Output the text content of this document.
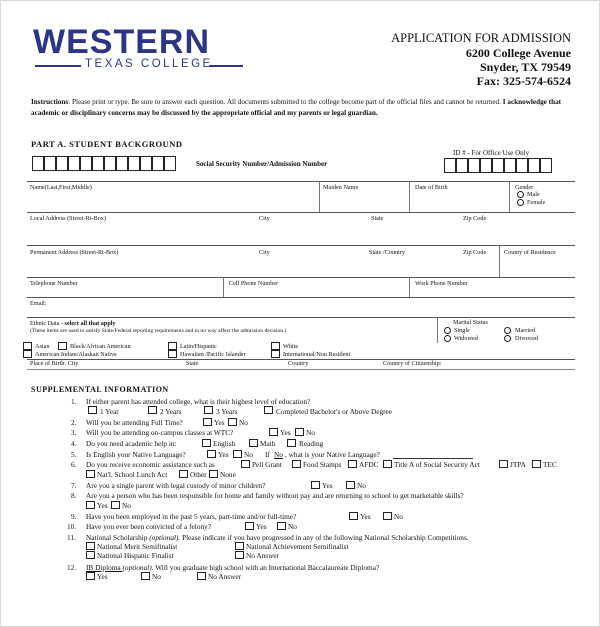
WESTERN
TEXAS COLLEGE
APPLICATION FOR ADMISSION
6200 College Avenue
Snyder, TX 79549
Fax: 325-574-6524
Instructions: Please print or type. Be sure to answer each question. All documents submitted to the college become part of the official files and cannot be returned. I acknowledge that academic or disciplinary concerns may be discussed by the appropriate official and my parents or legal guardian.
PART A. STUDENT BACKGROUND
Social Security Number/Admission Number
ID # - For Office Use Only
Name(Last,First,Middle)	Maiden Name	Date of Birth	Gender
Male
Female
Local Address (Street-Rt-Box)	City	State	Zip Code
Permanent Address (Street-Rt-Box)	City	State /Country	Zip Code	County of Residence
Telephone Number	Cell Phone Number	Work Phone Number
Email:
Ethnic Data - select all that apply
(These items are used to satisfy State/Federal reporting requirements and in no way affect the admission decision.)
Asian	Black/African American	Latin/Hispanic	White
American Indian/Alaskan Native	Hawaiian /Pacific Islander	International/Non Resident
Marital Status
Single
Widowed
Married
Divorced
Place of Birth: City	State	Country	Country of Citizenship:
SUPPLEMENTAL INFORMATION
1. If either parent has attended college, what is their highest level of education?
1 Year	2 Years	3 Years	Completed Bachelor's or Above Degree
2. Will you be attending Full Time?	Yes No
3. Will you be attending on-campus classes at WTC?	Yes No
4. Do you need academic help in:	English	Math	Reading
5. Is English your Native Language?	Yes No If No , what is your Native Language?
6. Do you receive economic assistance such as	Pell Grant	Food Stamps AFDC Title A of Social Security Act	JTPA TEC
Nat'l. School Lunch Act	Other None
7. Are you a single parent with legal custody of minor children?	Yes	No
8. Are you a person who has been responsible for home and family without pay and are returning to school to get marketable skills?
Yes No
9. Have you been employed in the past 5 years, part-time and/or full-time?	Yes	No
10. Have you ever been convicted of a felony?	Yes	No
11. National Scholarship (optional). Please indicate if you have progressed in any of the following National Scholarship Competitions.
National Merit Semifinalist	National Achievement Semifinalist
National Hispanic Finalist	No Answer
12. IB Diploma (optional). Will you graduate high school with an International Baccalaureate Diploma?
Yes	No	No Answer
